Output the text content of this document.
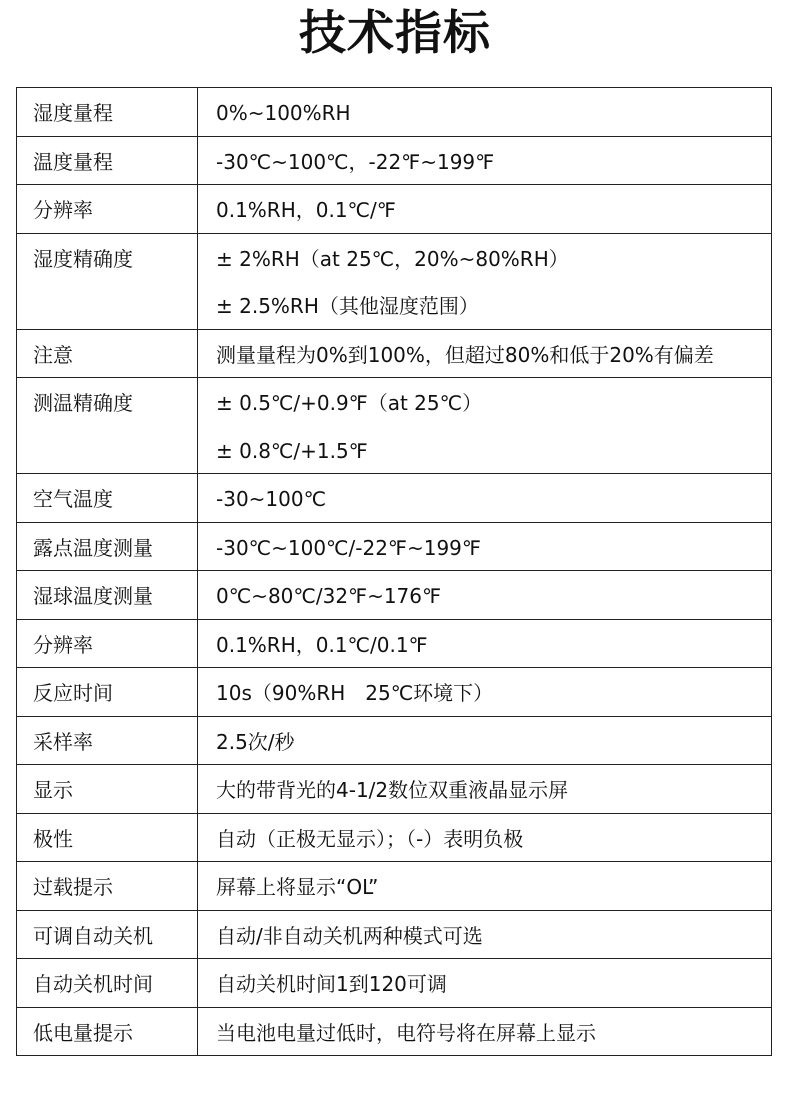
技术指标
湿度量程	0%~100%RH

温度量程	-30℃~100℃，-22℉~199℉

分辨率	0.1%RH，0.1℃/℉

湿度精确度	± 2%RH（at 25℃，20%~80%RH）
± 2.5%RH（其他湿度范围）

注意	测量量程为0%到100%，但超过80%和低于20%有偏差

测温精确度	± 0.5℃/+0.9℉（at 25℃）
± 0.8℃/+1.5℉

空气温度	-30~100℃

露点温度测量	-30℃~100℃/-22℉~199℉

湿球温度测量	0℃~80℃/32℉~176℉

分辨率	0.1%RH，0.1℃/0.1℉

反应时间	10s（90%RH　25℃环境下）

采样率	2.5次/秒

显示	大的带背光的4-1/2数位双重液晶显示屏

极性	自动（正极无显示）；（-）表明负极

过载提示	屏幕上将显示“OL”

可调自动关机	自动/非自动关机两种模式可选

自动关机时间	自动关机时间1到120可调

低电量提示	当电池电量过低时，电符号将在屏幕上显示
